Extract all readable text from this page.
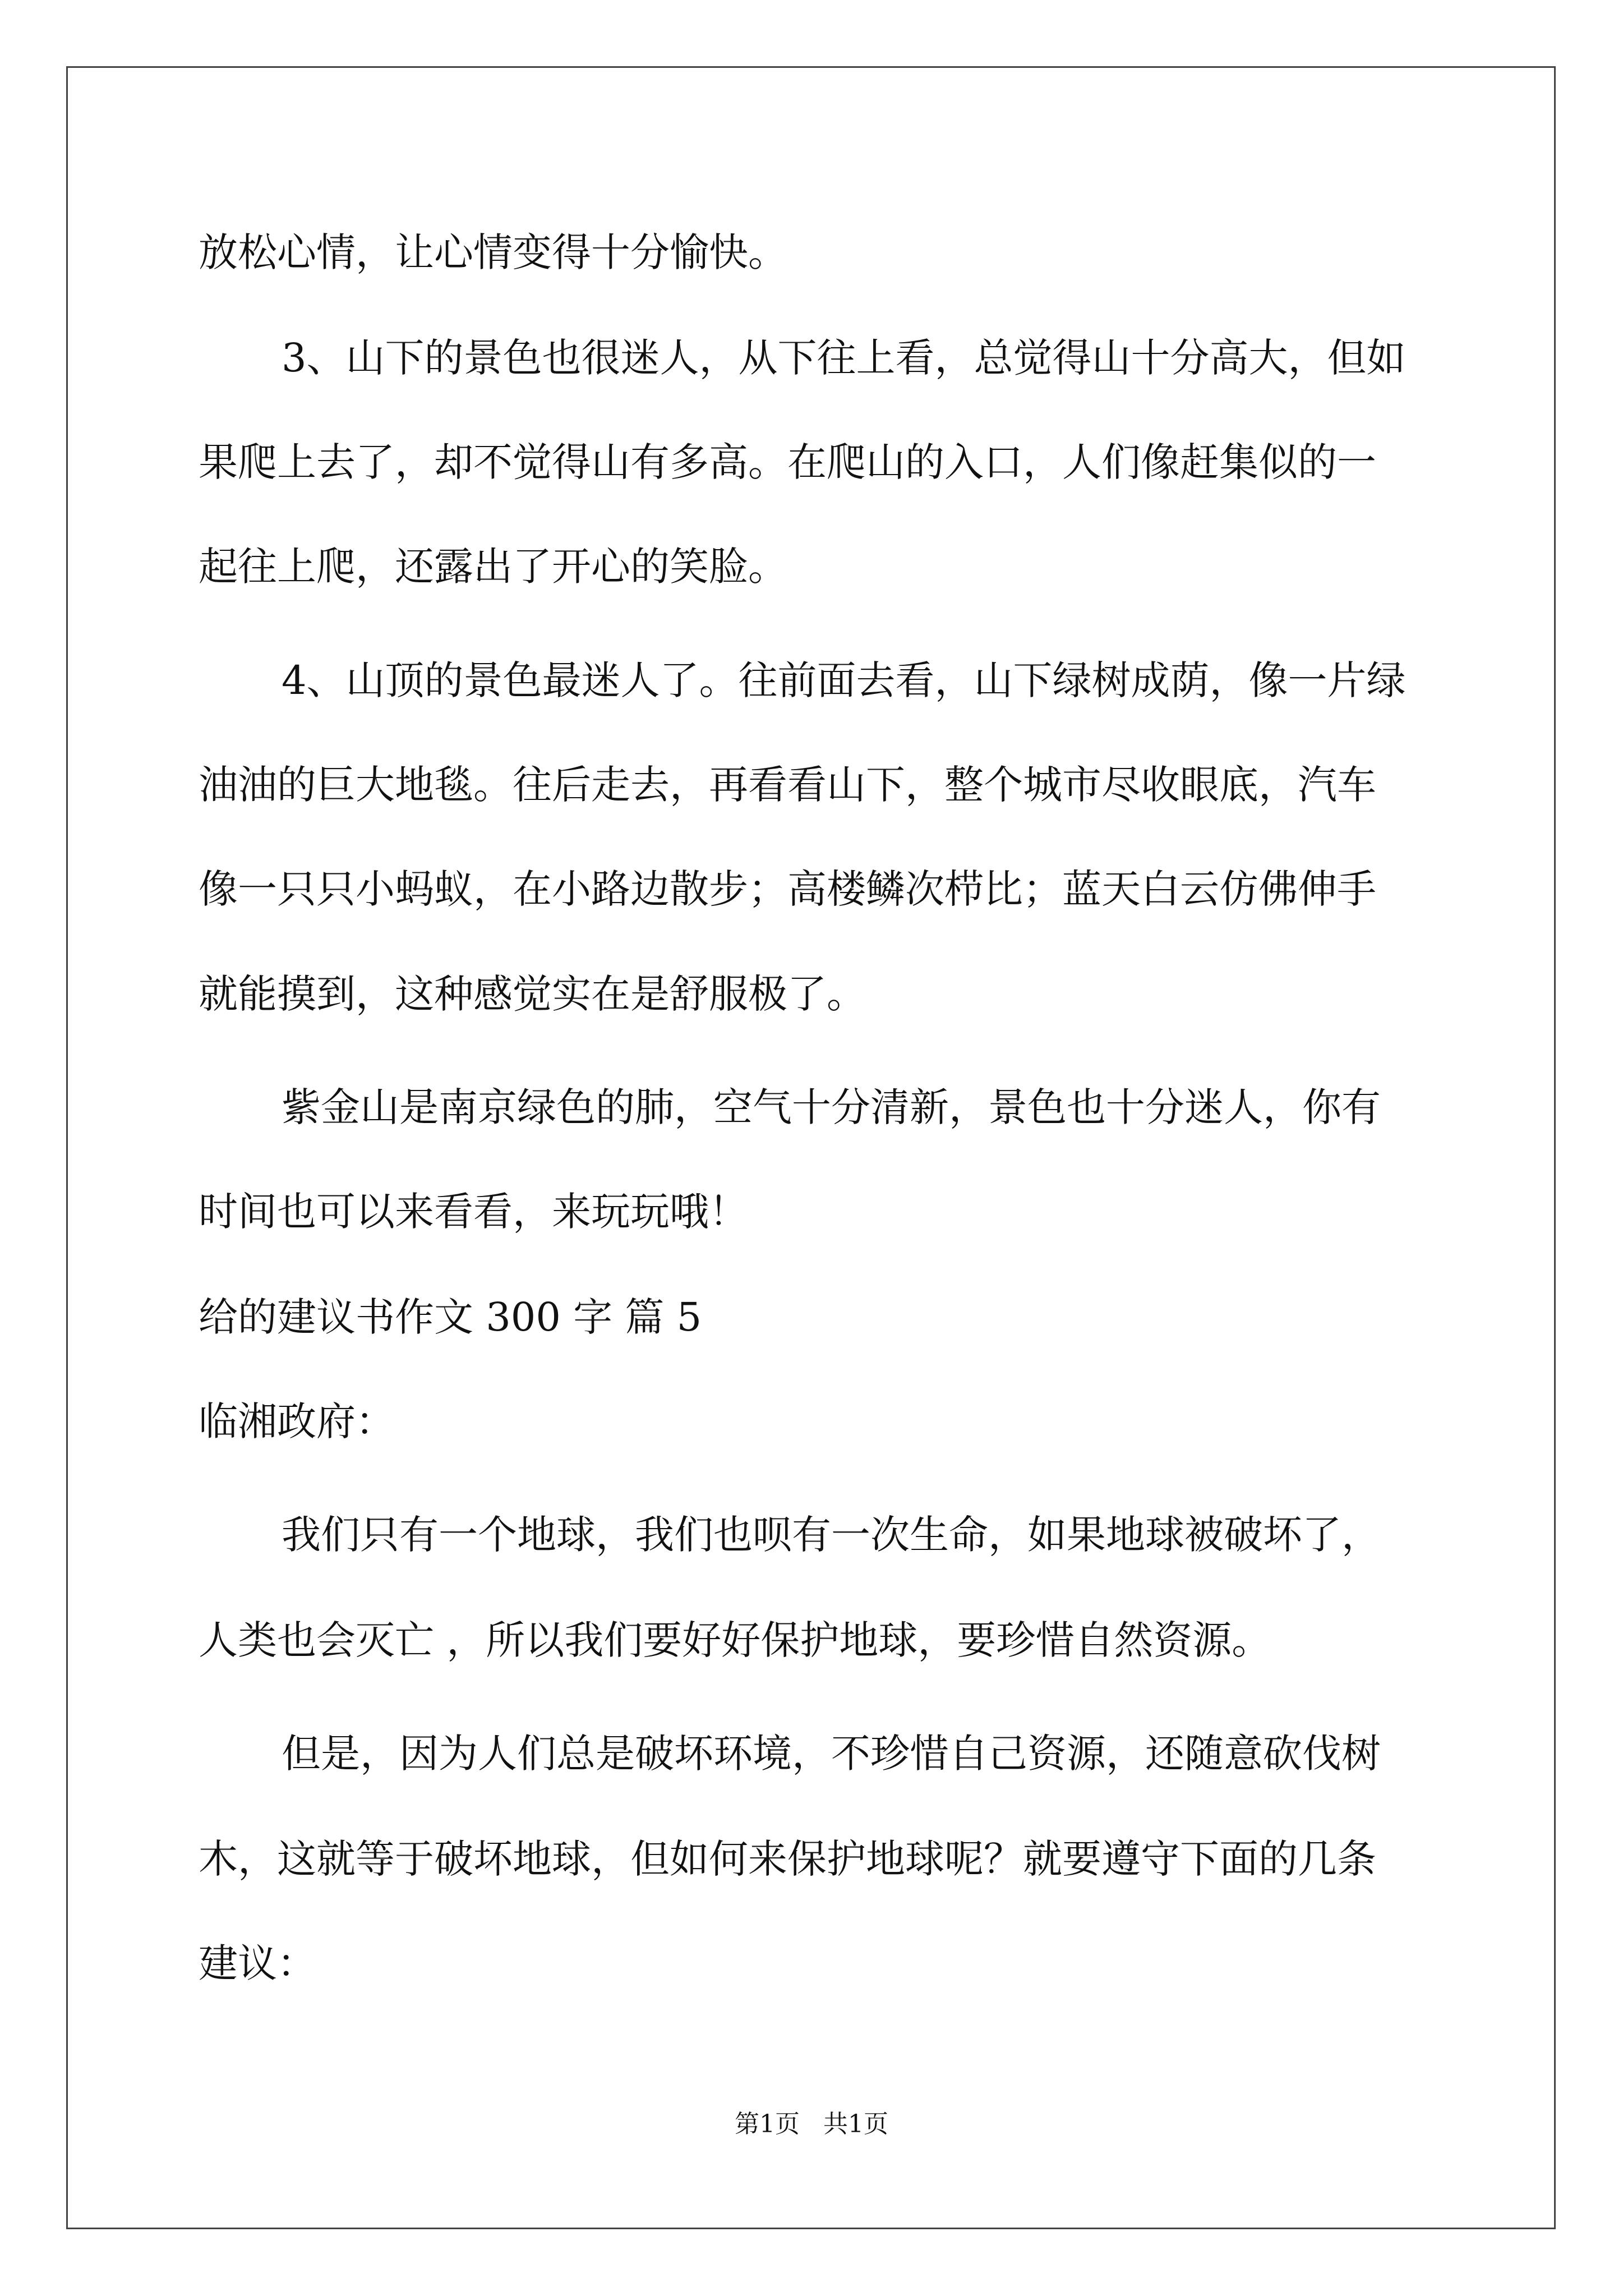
放松心情，让心情变得十分愉快。
3、山下的景色也很迷人，从下往上看，总觉得山十分高大，但如
果爬上去了，却不觉得山有多高。在爬山的入口，人们像赶集似的一
起往上爬，还露出了开心的笑脸。
4、山顶的景色最迷人了。往前面去看，山下绿树成荫，像一片绿
油油的巨大地毯。往后走去，再看看山下，整个城市尽收眼底，汽车
像一只只小蚂蚁，在小路边散步；高楼鳞次栉比；蓝天白云仿佛伸手
就能摸到，这种感觉实在是舒服极了。
紫金山是南京绿色的肺，空气十分清新，景色也十分迷人，你有
时间也可以来看看，来玩玩哦！
给的建议书作文 300 字 篇 5
临湘政府：
我们只有一个地球，我们也呗有一次生命，如果地球被破坏了，
人类也会灭亡 ，所以我们要好好保护地球，要珍惜自然资源。
但是，因为人们总是破坏环境，不珍惜自己资源，还随意砍伐树
木，这就等于破坏地球，但如何来保护地球呢？就要遵守下面的几条
建议：
第1页   共1页
